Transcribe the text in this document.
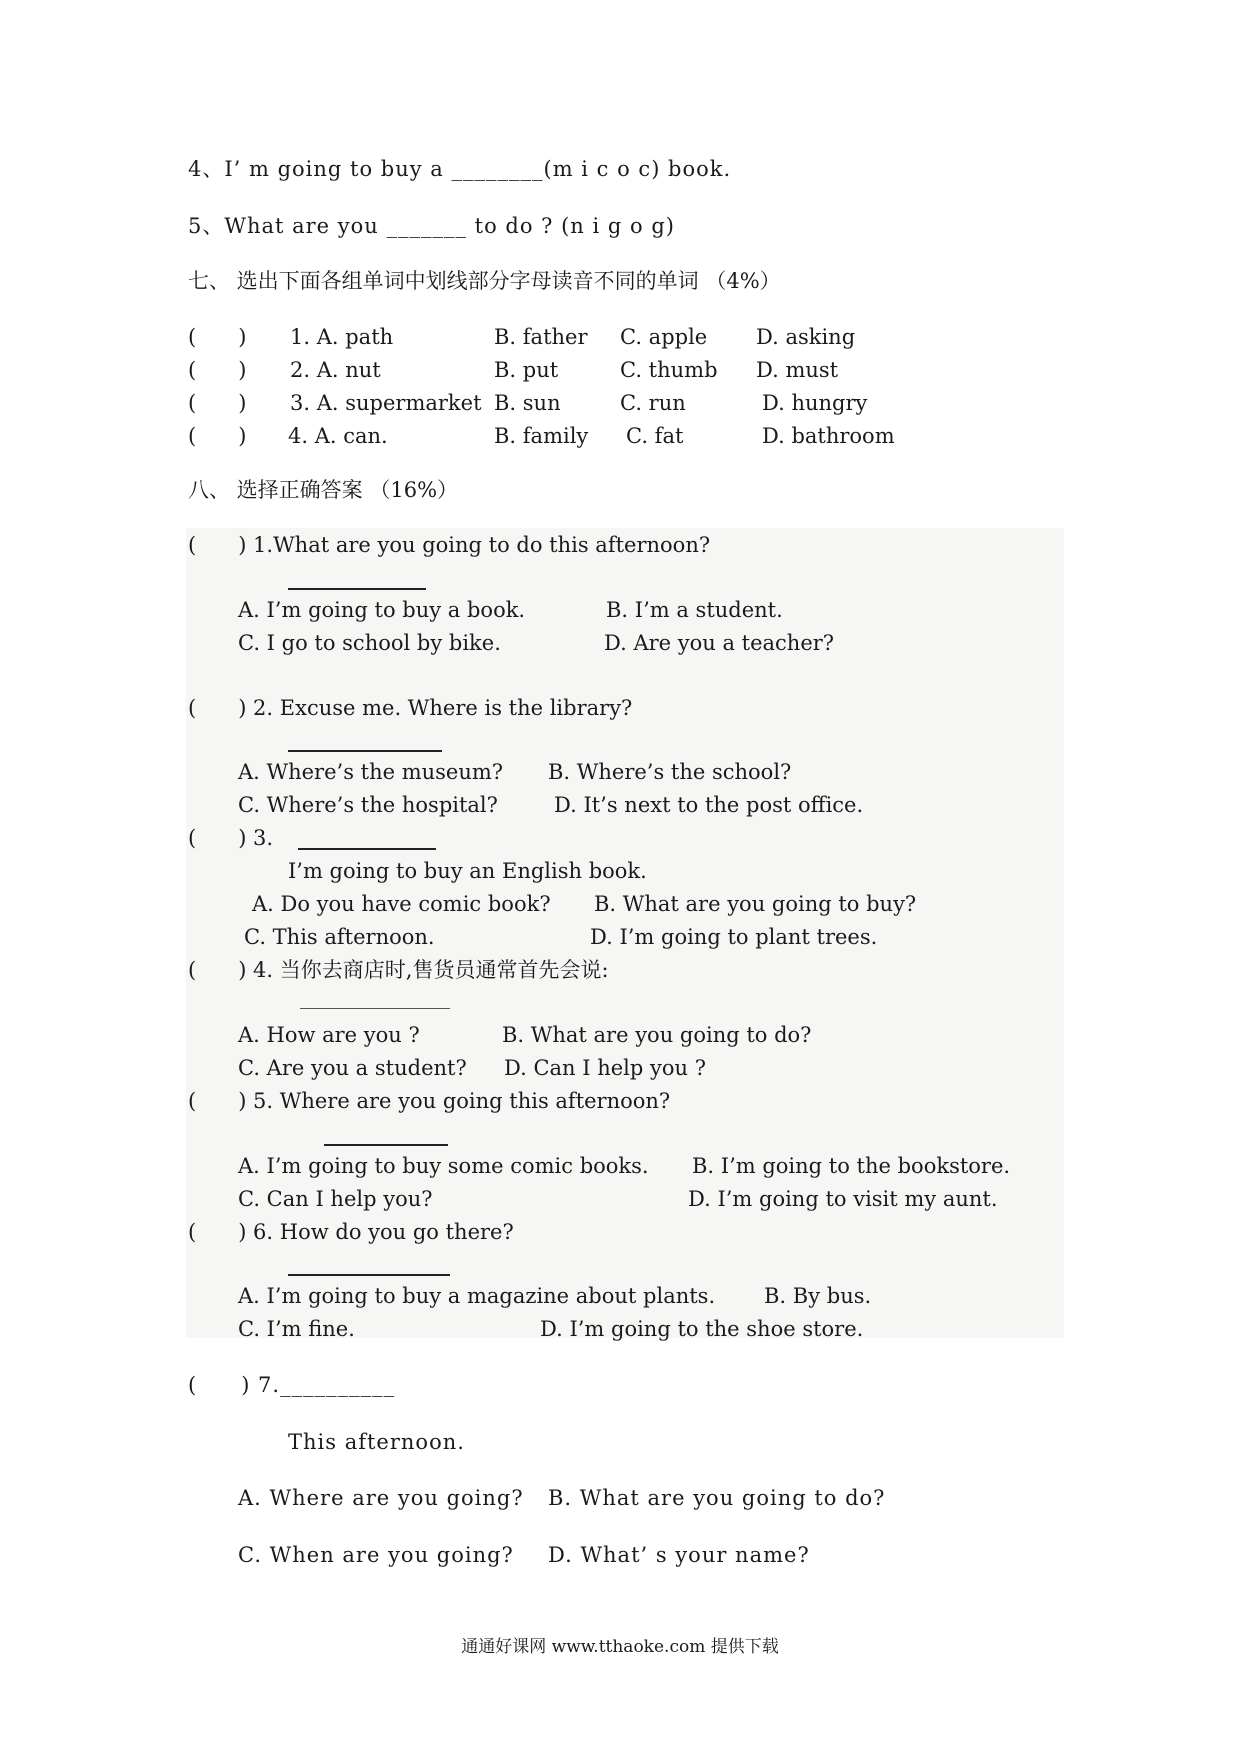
4、I’ m going to buy a ________(m i c o c) book.
5、What are you _______ to do ? (n i g o g)
七、 选出下面各组单词中划线部分字母读音不同的单词 （4%）
(　　) 1. A. path	B. father C. apple D. asking
(　　) 2. A. nut	B. put	C. thumb D. must
(　　) 3. A. supermarket B. sun	C. run	D. hungry
(　　) 4. A. can.	B. family C. fat	D. bathroom
八、 选择正确答案 （16%）
(　　) 1.What are you going to do this afternoon?
A. I’m going to buy a book.	B. I’m a student.
C. I go to school by bike.	D. Are you a teacher?
(　　) 2. Excuse me. Where is the library?
A. Where’s the museum? B. Where’s the school?
C. Where’s the hospital?	D. It’s next to the post office.
(　　) 3.
I’m going to buy an English book.
A. Do you have comic book? B. What are you going to buy?
C. This afternoon.	D. I’m going to plant trees.
(　　) 4. 当你去商店时,售货员通常首先会说:
A. How are you ?	B. What are you going to do?
C. Are you a student? D. Can I help you ?
(　　) 5. Where are you going this afternoon?
A. I’m going to buy some comic books. B. I’m going to the bookstore.
C. Can I help you?	D. I’m going to visit my aunt.
(　　) 6. How do you go there?
A. I’m going to buy a magazine about plants. B. By bus.
C. I’m fine.	D. I’m going to the shoe store.
(　　) 7.__________
This afternoon.
A. Where are you going? B. What are you going to do?
C. When are you going? D. What’ s your name?
通通好课网 www.tthaoke.com 提供下载
